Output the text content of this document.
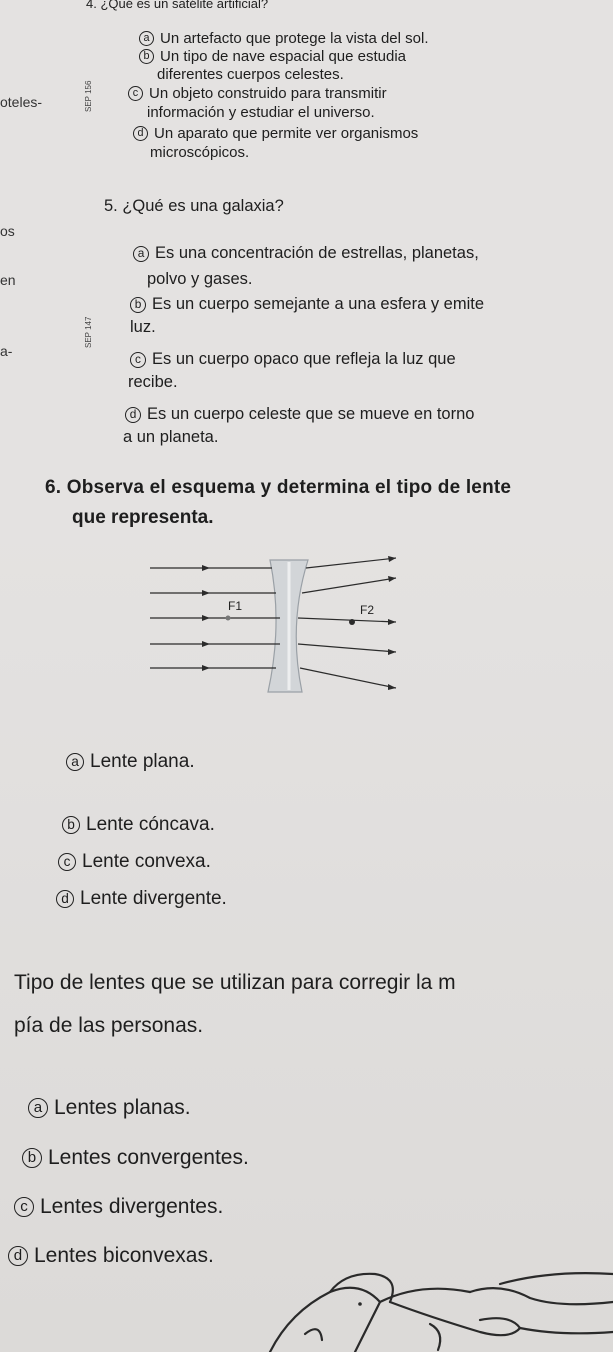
oteles-
os
en
a-
SEP 156
SEP 147
4. ¿Qué es un satélite artificial?
a Un artefacto que protege la vista del sol.
b Un tipo de nave espacial que estudia
diferentes cuerpos celestes.
c Un objeto construido para transmitir
información y estudiar el universo.
d Un aparato que permite ver organismos
microscópicos.
5. ¿Qué es una galaxia?
a Es una concentración de estrellas, planetas,
polvo y gases.
b Es un cuerpo semejante a una esfera y emite
luz.
c Es un cuerpo opaco que refleja la luz que
recibe.
d Es un cuerpo celeste que se mueve en torno
a un planeta.
6. Observa el esquema y determina el tipo de lente
que representa.
F1	F2
a Lente plana.
b Lente cóncava.
c Lente convexa.
d Lente divergente.
Tipo de lentes que se utilizan para corregir la m
pía de las personas.
a Lentes planas.
b Lentes convergentes.
c Lentes divergentes.
d Lentes biconvexas.
